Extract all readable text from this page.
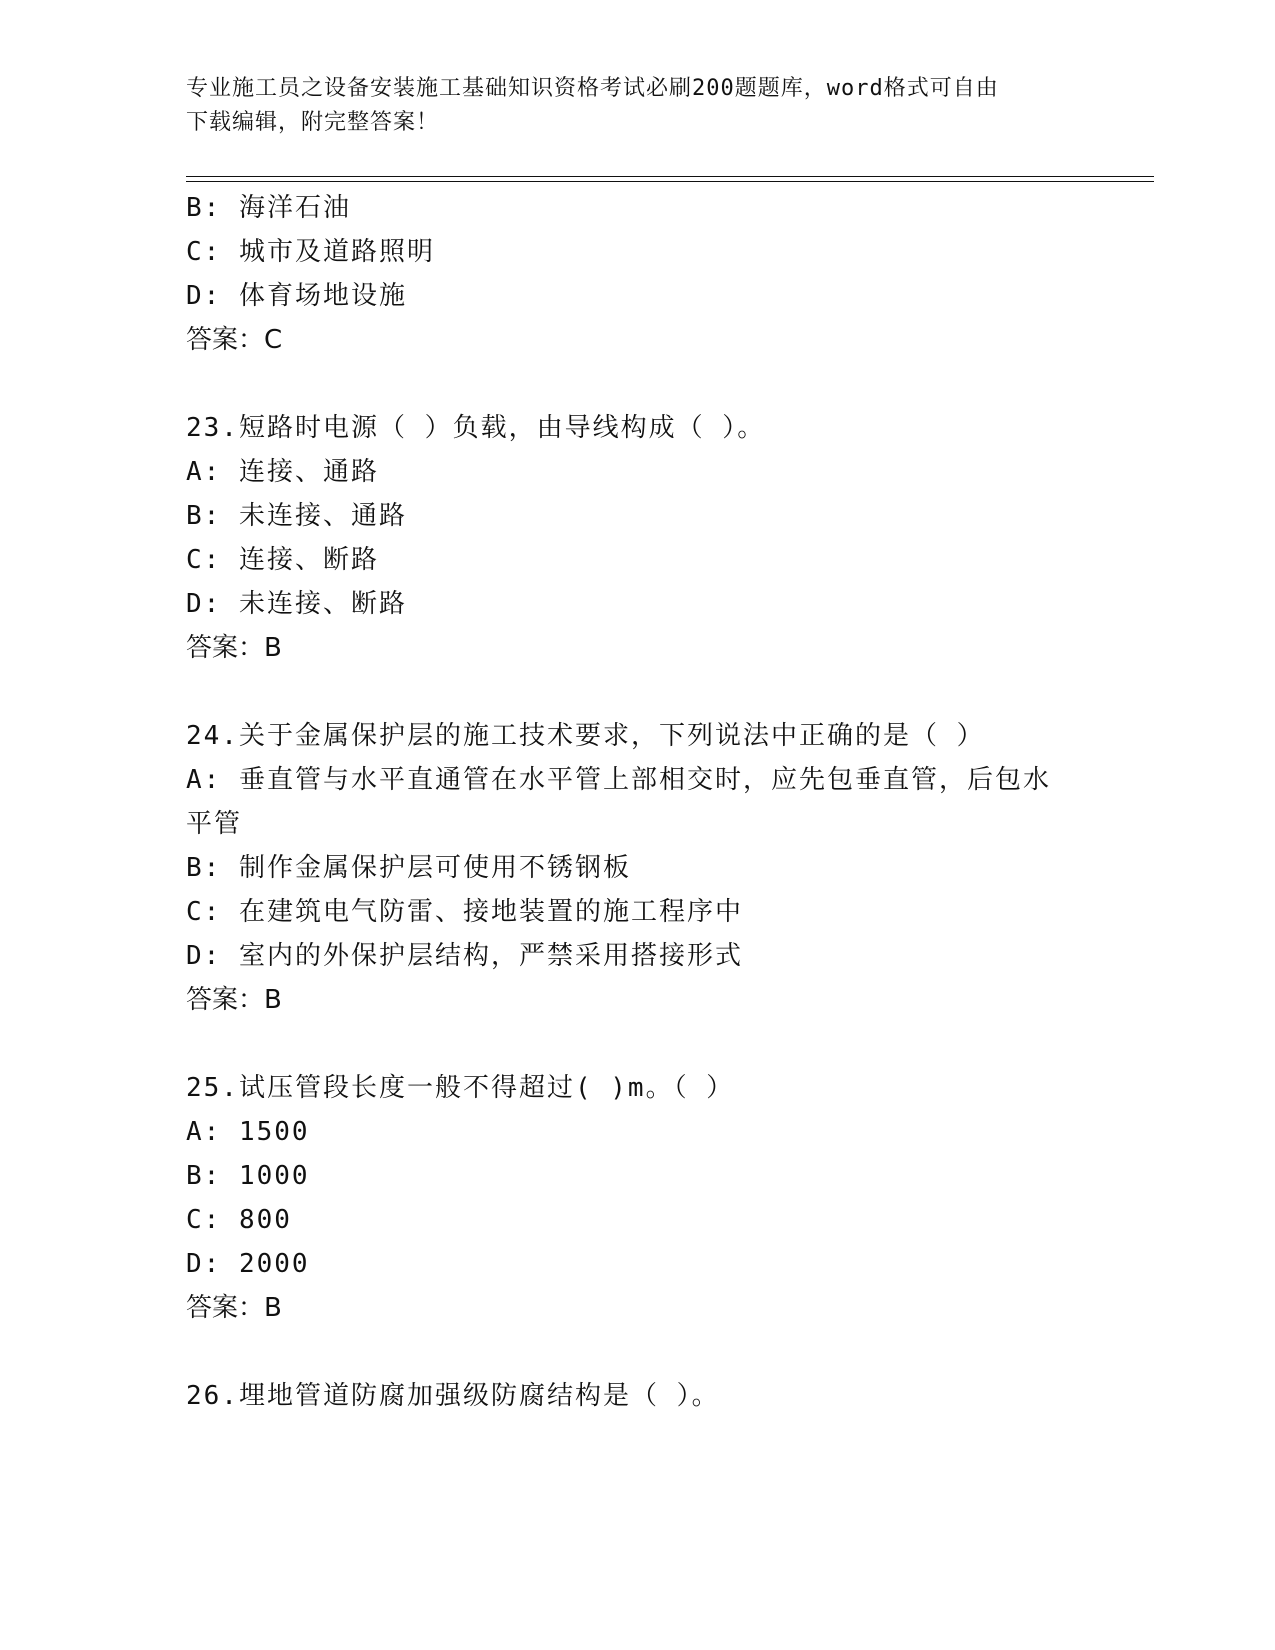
专业施工员之设备安装施工基础知识资格考试必刷200题题库，word格式可自由
下载编辑，附完整答案！
B: 海洋石油
C: 城市及道路照明
D: 体育场地设施
答案：C
23.短路时电源（ ）负载，由导线构成（ ）。
A: 连接、通路
B: 未连接、通路
C: 连接、断路
D: 未连接、断路
答案：B
24.关于金属保护层的施工技术要求，下列说法中正确的是（ ）
A: 垂直管与水平直通管在水平管上部相交时，应先包垂直管，后包水
平管
B: 制作金属保护层可使用不锈钢板
C: 在建筑电气防雷、接地装置的施工程序中
D: 室内的外保护层结构，严禁采用搭接形式
答案：B
25.试压管段长度一般不得超过( )m。（ ）
A: 1500
B: 1000
C: 800
D: 2000
答案：B
26.埋地管道防腐加强级防腐结构是（ ）。
